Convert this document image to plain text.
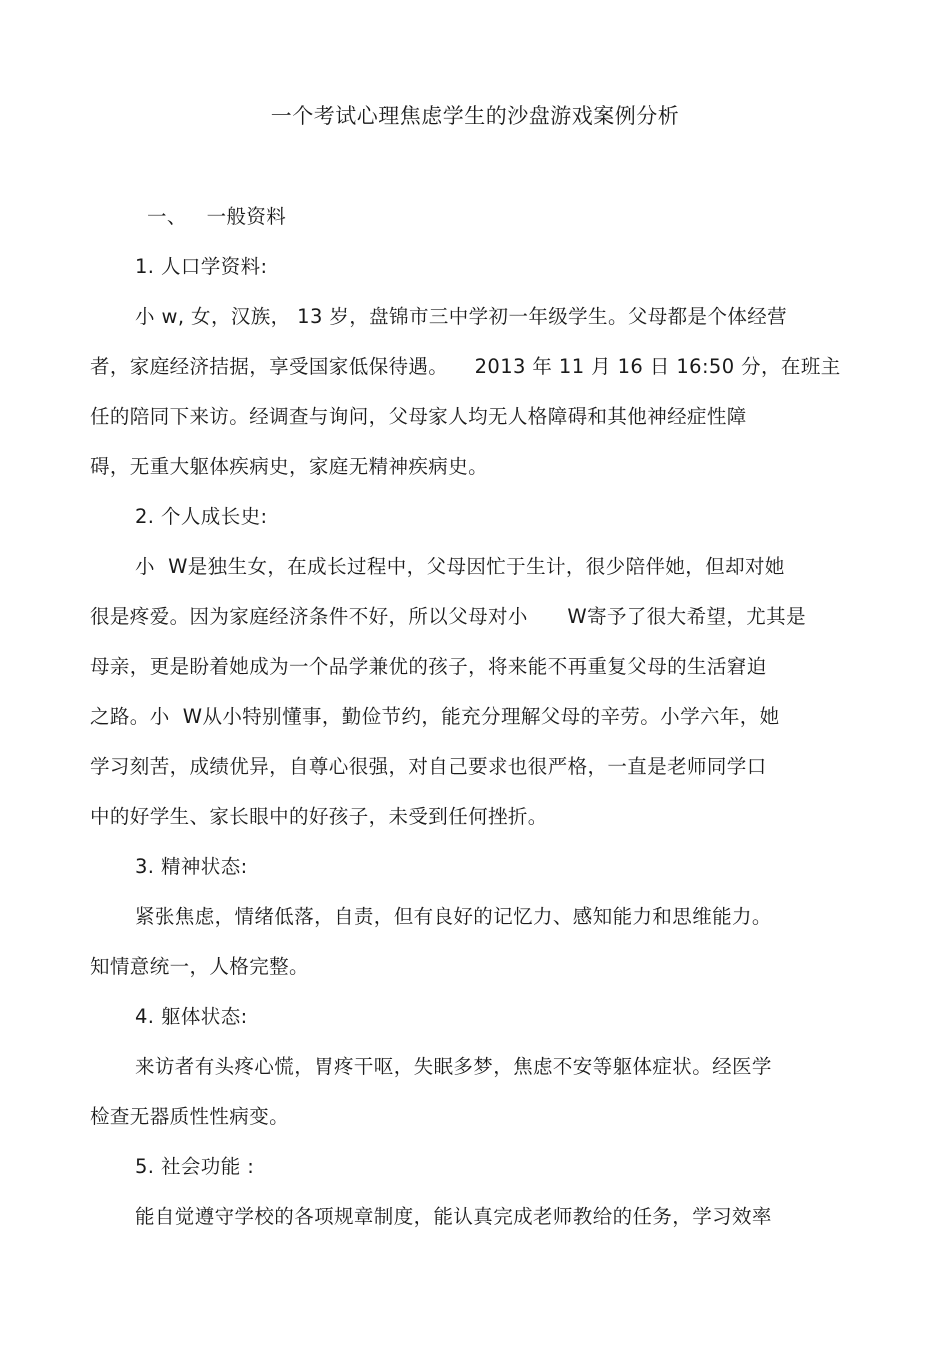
一个考试心理焦虑学生的沙盘游戏案例分析
一、   一般资料
1. 人口学资料:
小 w, 女，汉族， 13 岁，盘锦市三中学初一年级学生。父母都是个体经营
者，家庭经济拮据，享受国家低保待遇。    2013 年 11 月 16 日 16:50 分，在班主
任的陪同下来访。经调查与询问，父母家人均无人格障碍和其他神经症性障
碍，无重大躯体疾病史，家庭无精神疾病史。
2. 个人成长史:
小  W是独生女，在成长过程中，父母因忙于生计，很少陪伴她，但却对她
很是疼爱。因为家庭经济条件不好，所以父母对小      W寄予了很大希望，尤其是
母亲，更是盼着她成为一个品学兼优的孩子，将来能不再重复父母的生活窘迫
之路。小  W从小特别懂事，勤俭节约，能充分理解父母的辛劳。小学六年，她
学习刻苦，成绩优异，自尊心很强，对自己要求也很严格，一直是老师同学口
中的好学生、家长眼中的好孩子，未受到任何挫折。
3. 精神状态:
紧张焦虑，情绪低落，自责，但有良好的记忆力、感知能力和思维能力。
知情意统一，人格完整。
4. 躯体状态:
来访者有头疼心慌，胃疼干呕，失眠多梦，焦虑不安等躯体症状。经医学
检查无器质性性病变。
5. 社会功能 :
能自觉遵守学校的各项规章制度，能认真完成老师教给的任务，学习效率
